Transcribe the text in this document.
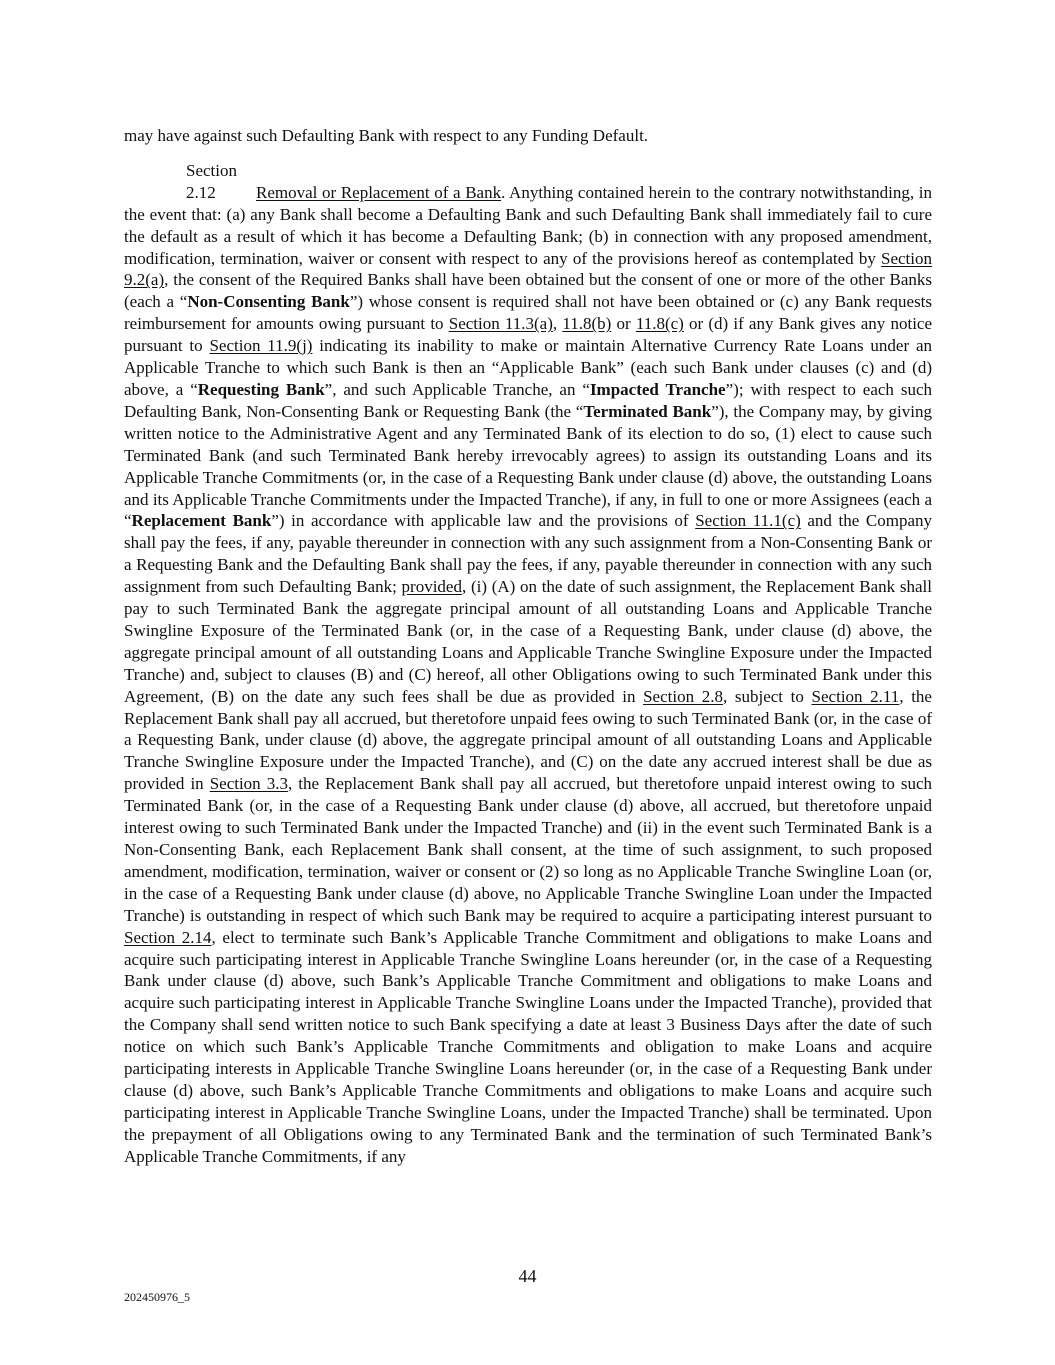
may have against such Defaulting Bank with respect to any Funding Default.

Section 2.12 Removal or Replacement of a Bank. Anything contained herein to the contrary notwithstanding, in the event that: (a) any Bank shall become a Defaulting Bank and such Defaulting Bank shall immediately fail to cure the default as a result of which it has become a Defaulting Bank; (b) in connection with any proposed amendment, modification, termination, waiver or consent with respect to any of the provisions hereof as contemplated by Section 9.2(a), the consent of the Required Banks shall have been obtained but the consent of one or more of the other Banks (each a “Non-Consenting Bank”) whose consent is required shall not have been obtained or (c) any Bank requests reimbursement for amounts owing pursuant to Section 11.3(a), 11.8(b) or 11.8(c) or (d) if any Bank gives any notice pursuant to Section 11.9(j) indicating its inability to make or maintain Alternative Currency Rate Loans under an Applicable Tranche to which such Bank is then an “Applicable Bank” (each such Bank under clauses (c) and (d) above, a “Requesting Bank”, and such Applicable Tranche, an “Impacted Tranche”); with respect to each such Defaulting Bank, Non-Consenting Bank or Requesting Bank (the “Terminated Bank”), the Company may, by giving written notice to the Administrative Agent and any Terminated Bank of its election to do so, (1) elect to cause such Terminated Bank (and such Terminated Bank hereby irrevocably agrees) to assign its outstanding Loans and its Applicable Tranche Commitments (or, in the case of a Requesting Bank under clause (d) above, the outstanding Loans and its Applicable Tranche Commitments under the Impacted Tranche), if any, in full to one or more Assignees (each a “Replacement Bank”) in accordance with applicable law and the provisions of Section 11.1(c) and the Company shall pay the fees, if any, payable thereunder in connection with any such assignment from a Non-Consenting Bank or a Requesting Bank and the Defaulting Bank shall pay the fees, if any, payable thereunder in connection with any such assignment from such Defaulting Bank; provided, (i) (A) on the date of such assignment, the Replacement Bank shall pay to such Terminated Bank the aggregate principal amount of all outstanding Loans and Applicable Tranche Swingline Exposure of the Terminated Bank (or, in the case of a Requesting Bank, under clause (d) above, the aggregate principal amount of all outstanding Loans and Applicable Tranche Swingline Exposure under the Impacted Tranche) and, subject to clauses (B) and (C) hereof, all other Obligations owing to such Terminated Bank under this Agreement, (B) on the date any such fees shall be due as provided in Section 2.8, subject to Section 2.11, the Replacement Bank shall pay all accrued, but theretofore unpaid fees owing to such Terminated Bank (or, in the case of a Requesting Bank, under clause (d) above, the aggregate principal amount of all outstanding Loans and Applicable Tranche Swingline Exposure under the Impacted Tranche), and (C) on the date any accrued interest shall be due as provided in Section 3.3, the Replacement Bank shall pay all accrued, but theretofore unpaid interest owing to such Terminated Bank (or, in the case of a Requesting Bank under clause (d) above, all accrued, but theretofore unpaid interest owing to such Terminated Bank under the Impacted Tranche) and (ii) in the event such Terminated Bank is a Non-Consenting Bank, each Replacement Bank shall consent, at the time of such assignment, to such proposed amendment, modification, termination, waiver or consent or (2) so long as no Applicable Tranche Swingline Loan (or, in the case of a Requesting Bank under clause (d) above, no Applicable Tranche Swingline Loan under the Impacted Tranche) is outstanding in respect of which such Bank may be required to acquire a participating interest pursuant to Section 2.14, elect to terminate such Bank’s Applicable Tranche Commitment and obligations to make Loans and acquire such participating interest in Applicable Tranche Swingline Loans hereunder (or, in the case of a Requesting Bank under clause (d) above, such Bank’s Applicable Tranche Commitment and obligations to make Loans and acquire such participating interest in Applicable Tranche Swingline Loans under the Impacted Tranche), provided that the Company shall send written notice to such Bank specifying a date at least 3 Business Days after the date of such notice on which such Bank’s Applicable Tranche Commitments and obligation to make Loans and acquire participating interests in Applicable Tranche Swingline Loans hereunder (or, in the case of a Requesting Bank under clause (d) above, such Bank’s Applicable Tranche Commitments and obligations to make Loans and acquire such participating interest in Applicable Tranche Swingline Loans, under the Impacted Tranche) shall be terminated. Upon the prepayment of all Obligations owing to any Terminated Bank and the termination of such Terminated Bank’s Applicable Tranche Commitments, if any

44
202450976_5
